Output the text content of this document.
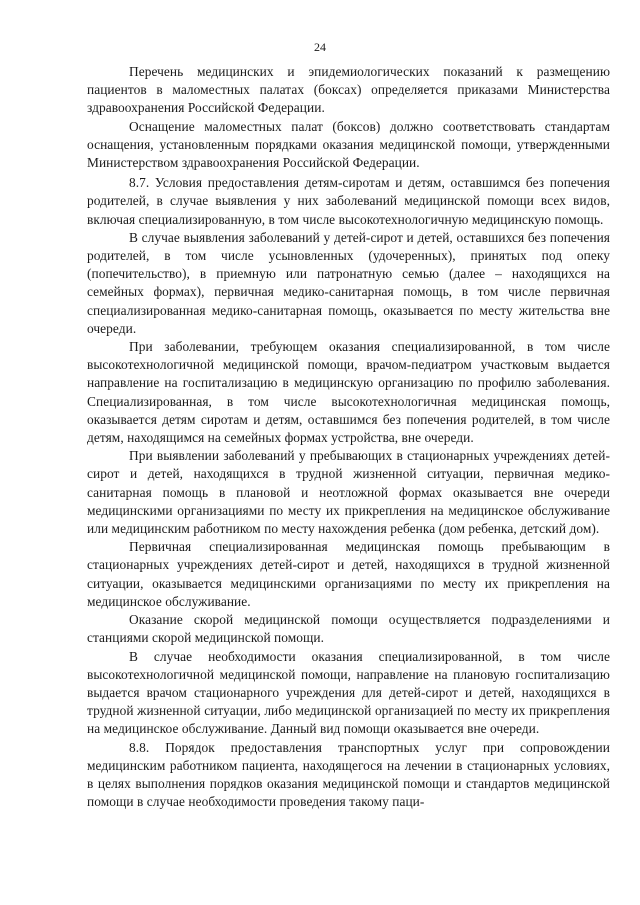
24

Перечень медицинских и эпидемиологических показаний к размещению пациентов в маломестных палатах (боксах) определяется приказами Министерства здравоохранения Российской Федерации.

Оснащение маломестных палат (боксов) должно соответствовать стандартам оснащения, установленным порядками оказания медицинской помощи, утвержденными Министерством здравоохранения Российской Федерации.

8.7. Условия предоставления детям-сиротам и детям, оставшимся без попечения родителей, в случае выявления у них заболеваний медицинской помощи всех видов, включая специализированную, в том числе высокотехнологичную медицинскую помощь.

В случае выявления заболеваний у детей-сирот и детей, оставшихся без попечения родителей, в том числе усыновленных (удочеренных), принятых под опеку (попечительство), в приемную или патронатную семью (далее – находящихся на семейных формах), первичная медико-санитарная помощь, в том числе первичная специализированная медико-санитарная помощь, оказывается по месту жительства вне очереди.

При заболевании, требующем оказания специализированной, в том числе высокотехнологичной медицинской помощи, врачом-педиатром участковым выдается направление на госпитализацию в медицинскую организацию по профилю заболевания. Специализированная, в том числе высокотехнологичная медицинская помощь, оказывается детям сиротам и детям, оставшимся без попечения родителей, в том числе детям, находящимся на семейных формах устройства, вне очереди.

При выявлении заболеваний у пребывающих в стационарных учреждениях детей-сирот и детей, находящихся в трудной жизненной ситуации, первичная медико-санитарная помощь в плановой и неотложной формах оказывается вне очереди медицинскими организациями по месту их прикрепления на медицинское обслуживание или медицинским работником по месту нахождения ребенка (дом ребенка, детский дом).

Первичная специализированная медицинская помощь пребывающим в стационарных учреждениях детей-сирот и детей, находящихся в трудной жизненной ситуации, оказывается медицинскими организациями по месту их прикрепления на медицинское обслуживание.

Оказание скорой медицинской помощи осуществляется подразделениями и станциями скорой медицинской помощи.

В случае необходимости оказания специализированной, в том числе высокотехнологичной медицинской помощи, направление на плановую госпитализацию выдается врачом стационарного учреждения для детей-сирот и детей, находящихся в трудной жизненной ситуации, либо медицинской организацией по месту их прикрепления на медицинское обслуживание. Данный вид помощи оказывается вне очереди.

8.8. Порядок предоставления транспортных услуг при сопровождении медицинским работником пациента, находящегося на лечении в стационарных условиях, в целях выполнения порядков оказания медицинской помощи и стандартов медицинской помощи в случае необходимости проведения такому паци-
